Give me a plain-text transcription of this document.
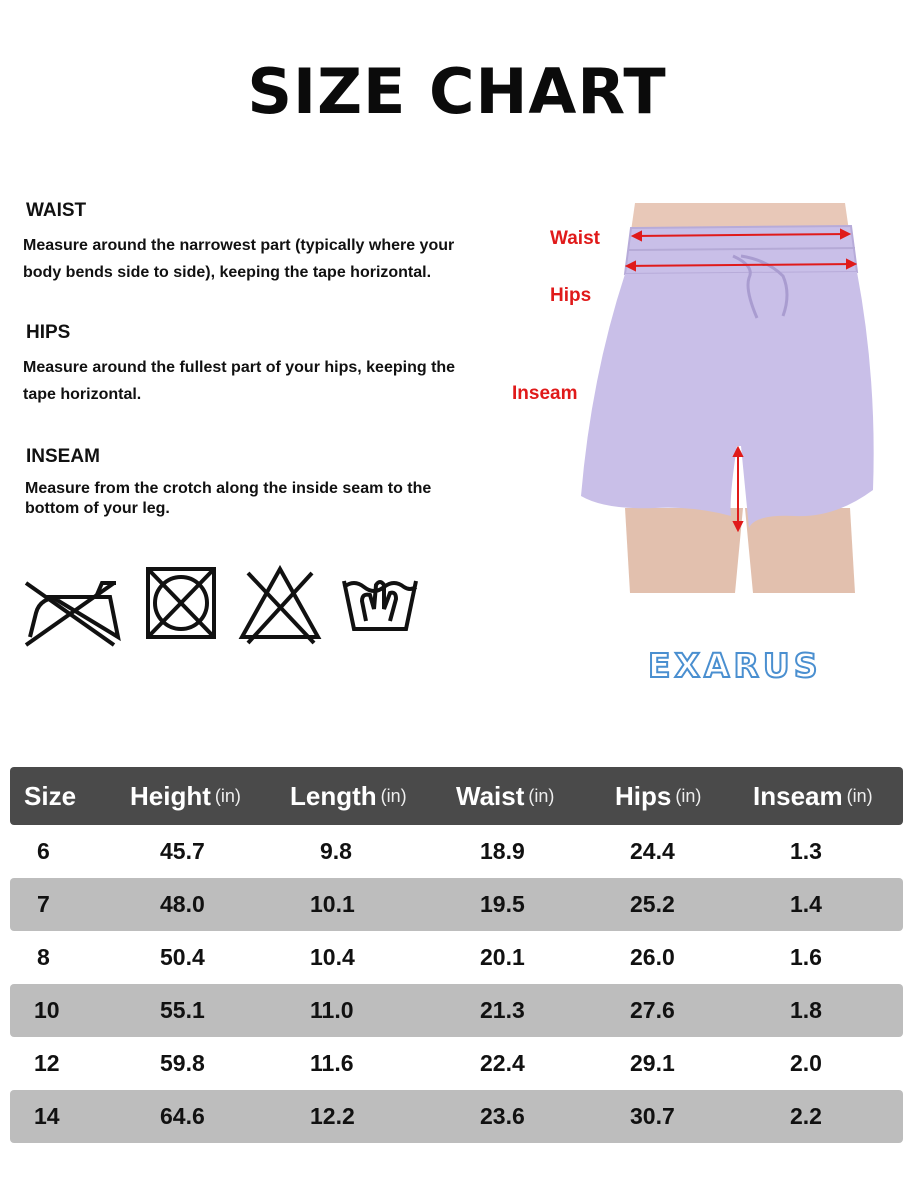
SIZE CHART
WAIST
Measure around the narrowest part (typically where your body bends side to side), keeping the tape horizontal.
HIPS
Measure around the fullest part of your hips, keeping the tape horizontal.
INSEAM
Measure from the crotch along the inside seam to the bottom of your leg.
Waist
Hips
Inseam
EXARUS
Size Height (in) Length (in) Waist (in) Hips (in) Inseam (in)
6	45.7	9.8	18.9	24.4	1.3
7	48.0	10.1	19.5	25.2	1.4
8	50.4	10.4	20.1	26.0	1.6
10	55.1	11.0	21.3	27.6	1.8
12	59.8	11.6	22.4	29.1	2.0
14	64.6	12.2	23.6	30.7	2.2
